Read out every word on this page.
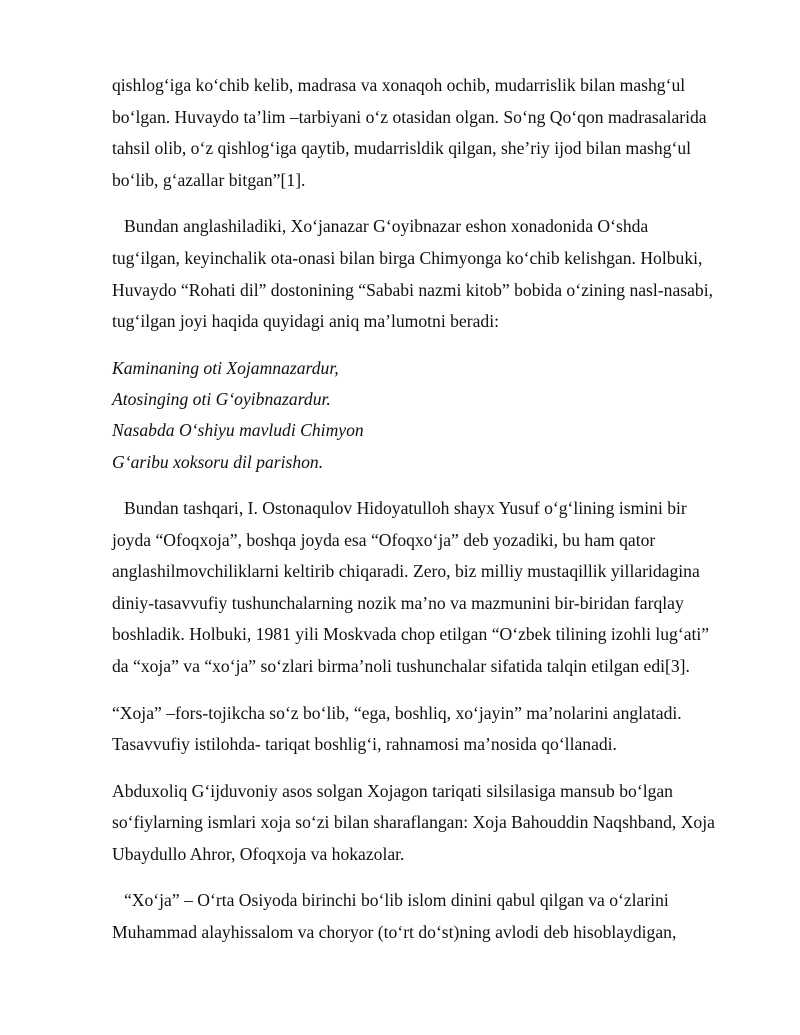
qishlog‘iga ko‘chib kelib, madrasa va xonaqoh ochib, mudarrislik bilan mashg‘ul
bo‘lgan. Huvaydo ta’lim –tarbiyani o‘z otasidan olgan. So‘ng Qo‘qon madrasalarida
tahsil olib, o‘z qishlog‘iga qaytib, mudarrisldik qilgan, she’riy ijod bilan mashg‘ul
bo‘lib, g‘azallar bitgan”[1].
Bundan anglashiladiki, Xo‘janazar G‘oyibnazar eshon xonadonida O‘shda
tug‘ilgan, keyinchalik ota-onasi bilan birga Chimyonga ko‘chib kelishgan. Holbuki,
Huvaydo “Rohati dil” dostonining “Sababi nazmi kitob” bobida o‘zining nasl-nasabi,
tug‘ilgan joyi haqida quyidagi aniq ma’lumotni beradi:
Kaminaning oti Xojamnazardur,
Atosinging oti G‘oyibnazardur.
Nasabda O‘shiyu mavludi Chimyon
G‘aribu xoksoru dil parishon.
Bundan tashqari, I. Ostonaqulov Hidoyatulloh shayx Yusuf o‘g‘lining ismini bir
joyda “Ofoqxoja”, boshqa joyda esa “Ofoqxo‘ja” deb yozadiki, bu ham qator
anglashilmovchiliklarni keltirib chiqaradi. Zero, biz milliy mustaqillik yillaridagina
diniy-tasavvufiy tushunchalarning nozik ma’no va mazmunini bir-biridan farqlay
boshladik. Holbuki, 1981 yili Moskvada chop etilgan “O‘zbek tilining izohli lug‘ati”
da “xoja” va “xo‘ja” so‘zlari birma’noli tushunchalar sifatida talqin etilgan edi[3].
“Xoja” –fors-tojikcha so‘z bo‘lib, “ega, boshliq, xo‘jayin” ma’nolarini anglatadi.
Tasavvufiy istilohda- tariqat boshlig‘i, rahnamosi ma’nosida qo‘llanadi.
Abduxoliq G‘ijduvoniy asos solgan Xojagon tariqati silsilasiga mansub bo‘lgan
so‘fiylarning ismlari xoja so‘zi bilan sharaflangan: Xoja Bahouddin Naqshband, Xoja
Ubaydullo Ahror, Ofoqxoja va hokazolar.
“Xo‘ja” – O‘rta Osiyoda birinchi bo‘lib islom dinini qabul qilgan va o‘zlarini
Muhammad alayhissalom va choryor (to‘rt do‘st)ning avlodi deb hisoblaydigan,
